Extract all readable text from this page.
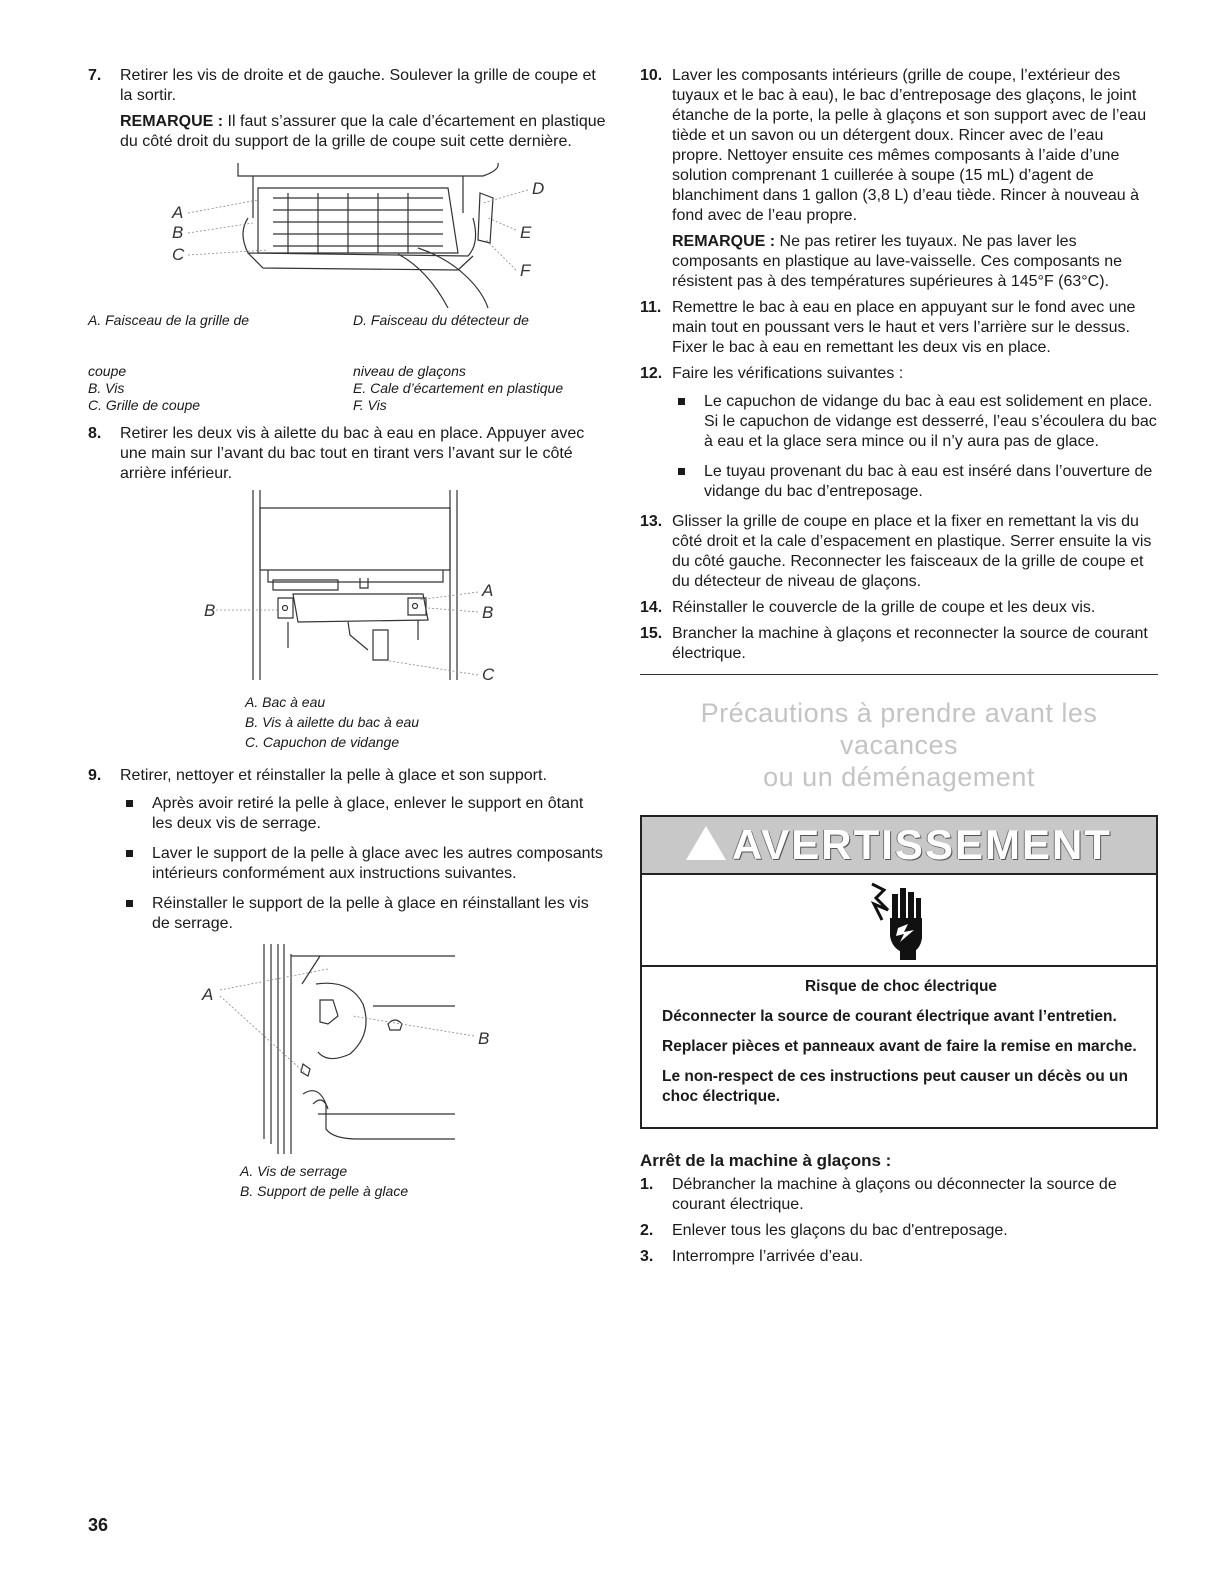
7. Retirer les vis de droite et de gauche. Soulever la grille de coupe et la sortir.

REMARQUE : Il faut s’assurer que la cale d’écartement en plastique du côté droit du support de la grille de coupe suit cette dernière.

A
B
C
D
E
F
A. Faisceau de la grille de

coupe
D. Faisceau du détecteur de

niveau de glaçons
B. Vis	E. Cale d’écartement en plastique
C. Grille de coupe	F. Vis
8. Retirer les deux vis à ailette du bac à eau en place. Appuyer avec une main sur l’avant du bac tout en tirant vers l’avant sur le côté arrière inférieur.
B
A
B
C
A. Bac à eau
B. Vis à ailette du bac à eau
C. Capuchon de vidange
9. Retirer, nettoyer et réinstaller la pelle à glace et son support.
Après avoir retiré la pelle à glace, enlever le support en ôtant les deux vis de serrage.
Laver le support de la pelle à glace avec les autres composants intérieurs conformément aux instructions suivantes.
Réinstaller le support de la pelle à glace en réinstallant les vis de serrage.
A
B
A. Vis de serrage
B. Support de pelle à glace
10. Laver les composants intérieurs (grille de coupe, l’extérieur des tuyaux et le bac à eau), le bac d’entreposage des glaçons, le joint étanche de la porte, la pelle à glaçons et son support avec de l’eau tiède et un savon ou un détergent doux. Rincer avec de l’eau propre. Nettoyer ensuite ces mêmes composants à l’aide d’une solution comprenant 1 cuillerée à soupe (15 mL) d’agent de blanchiment dans 1 gallon (3,8 L) d’eau tiède. Rincer à nouveau à fond avec de l’eau propre.

REMARQUE : Ne pas retirer les tuyaux. Ne pas laver les composants en plastique au lave-vaisselle. Ces composants ne résistent pas à des températures supérieures à 145°F (63°C).

11. Remettre le bac à eau en place en appuyant sur le fond avec une main tout en poussant vers le haut et vers l’arrière sur le dessus. Fixer le bac à eau en remettant les deux vis en place.
12. Faire les vérifications suivantes :
Le capuchon de vidange du bac à eau est solidement en place. Si le capuchon de vidange est desserré, l’eau s’écoulera du bac à eau et la glace sera mince ou il n’y aura pas de glace.
Le tuyau provenant du bac à eau est inséré dans l’ouverture de vidange du bac d’entreposage.
13. Glisser la grille de coupe en place et la fixer en remettant la vis du côté droit et la cale d’espacement en plastique. Serrer ensuite la vis du côté gauche. Reconnecter les faisceaux de la grille de coupe et du détecteur de niveau de glaçons.
14. Réinstaller le couvercle de la grille de coupe et les deux vis.
15. Brancher la machine à glaçons et reconnecter la source de courant électrique.
Précautions à prendre avant les vacances
ou un déménagement
AVERTISSEMENT

Risque de choc électrique

Déconnecter la source de courant électrique avant l’entretien.

Replacer pièces et panneaux avant de faire la remise en marche.

Le non-respect de ces instructions peut causer un décès ou un choc électrique.

Arrêt de la machine à glaçons :
1. Débrancher la machine à glaçons ou déconnecter la source de courant électrique.
2. Enlever tous les glaçons du bac d'entreposage.
3. Interrompre l’arrivée d’eau.
36
